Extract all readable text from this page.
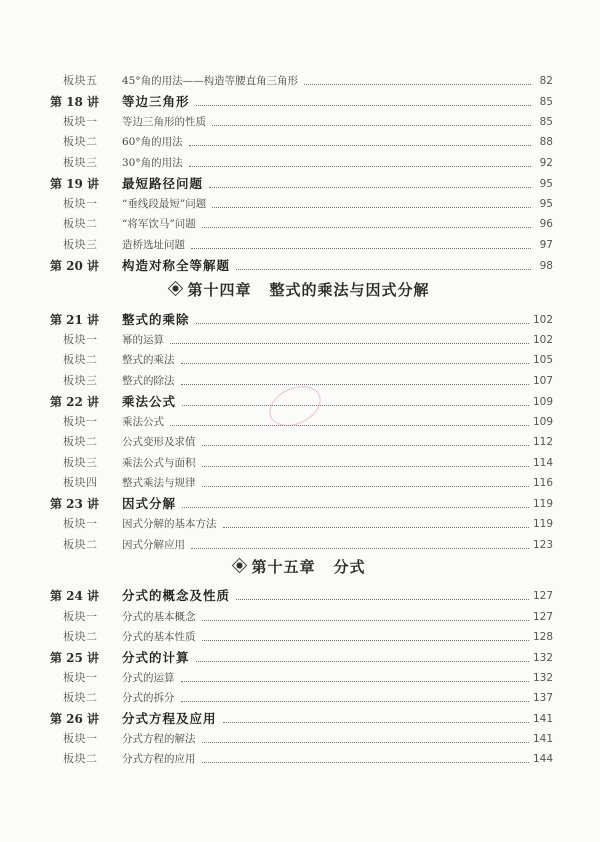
板块五	45°角的用法——构造等腰直角三角形	82
第 18 讲	等边三角形	85
板块一	等边三角形的性质	85
板块二	60°角的用法	88
板块三	30°角的用法	92
第 19 讲	最短路径问题	95
板块一	“垂线段最短”问题	95
板块二	“将军饮马”问题	96
板块三	造桥选址问题	97
第 20 讲	构造对称全等解题	98
第十四章 整式的乘法与因式分解
第 21 讲	整式的乘除	102
板块一	幂的运算	102
板块二	整式的乘法	105
板块三	整式的除法	107
第 22 讲	乘法公式	109
板块一	乘法公式	109
板块二	公式变形及求值	112
板块三	乘法公式与面积	114
板块四	整式乘法与规律	116
第 23 讲	因式分解	119
板块一	因式分解的基本方法	119
板块二	因式分解应用	123
第十五章 分式
第 24 讲	分式的概念及性质	127
板块一	分式的基本概念	127
板块二	分式的基本性质	128
第 25 讲	分式的计算	132
板块一	分式的运算	132
板块二	分式的拆分	137
第 26 讲	分式方程及应用	141
板块一	分式方程的解法	141
板块二	分式方程的应用	144
